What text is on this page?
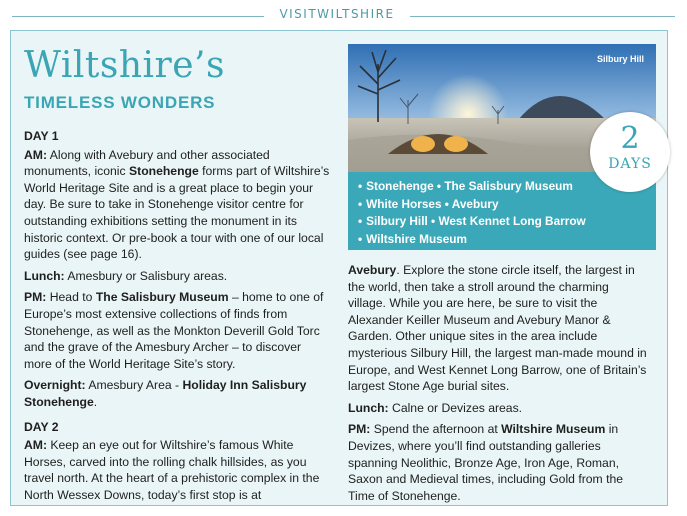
VISITWILTSHIRE
Wiltshire’s
TIMELESS WONDERS

DAY 1

AM: Along with Avebury and other associated monuments, iconic Stonehenge forms part of Wiltshire’s World Heritage Site and is a great place to begin your day. Be sure to take in Stonehenge visitor centre for outstanding exhibitions setting the monument in its historic context. Or pre-book a tour with one of our local guides (see page 16).

Lunch: Amesbury or Salisbury areas.

PM: Head to The Salisbury Museum – home to one of Europe’s most extensive collections of finds from Stonehenge, as well as the Monkton Deverill Gold Torc and the grave of the Amesbury Archer – to discover more of the World Heritage Site’s story.

Overnight: Amesbury Area - Holiday Inn Salisbury Stonehenge.

DAY 2

AM: Keep an eye out for Wiltshire’s famous White Horses, carved into the rolling chalk hillsides, as you travel north. At the heart of a prehistoric complex in the North Wessex Downs, today’s first stop is at

Silbury Hill
• Stonehenge • The Salisbury Museum
• White Horses • Avebury
• Silbury Hill • West Kennet Long Barrow
• Wiltshire Museum
2
DAYS

Avebury. Explore the stone circle itself, the largest in the world, then take a stroll around the charming village. While you are here, be sure to visit the Alexander Keiller Museum and Avebury Manor & Garden. Other unique sites in the area include mysterious Silbury Hill, the largest man-made mound in Europe, and West Kennet Long Barrow, one of Britain’s largest Stone Age burial sites.

Lunch: Calne or Devizes areas.

PM: Spend the afternoon at Wiltshire Museum in Devizes, where you’ll find outstanding galleries spanning Neolithic, Bronze Age, Iron Age, Roman, Saxon and Medieval times, including Gold from the Time of Stonehenge.
